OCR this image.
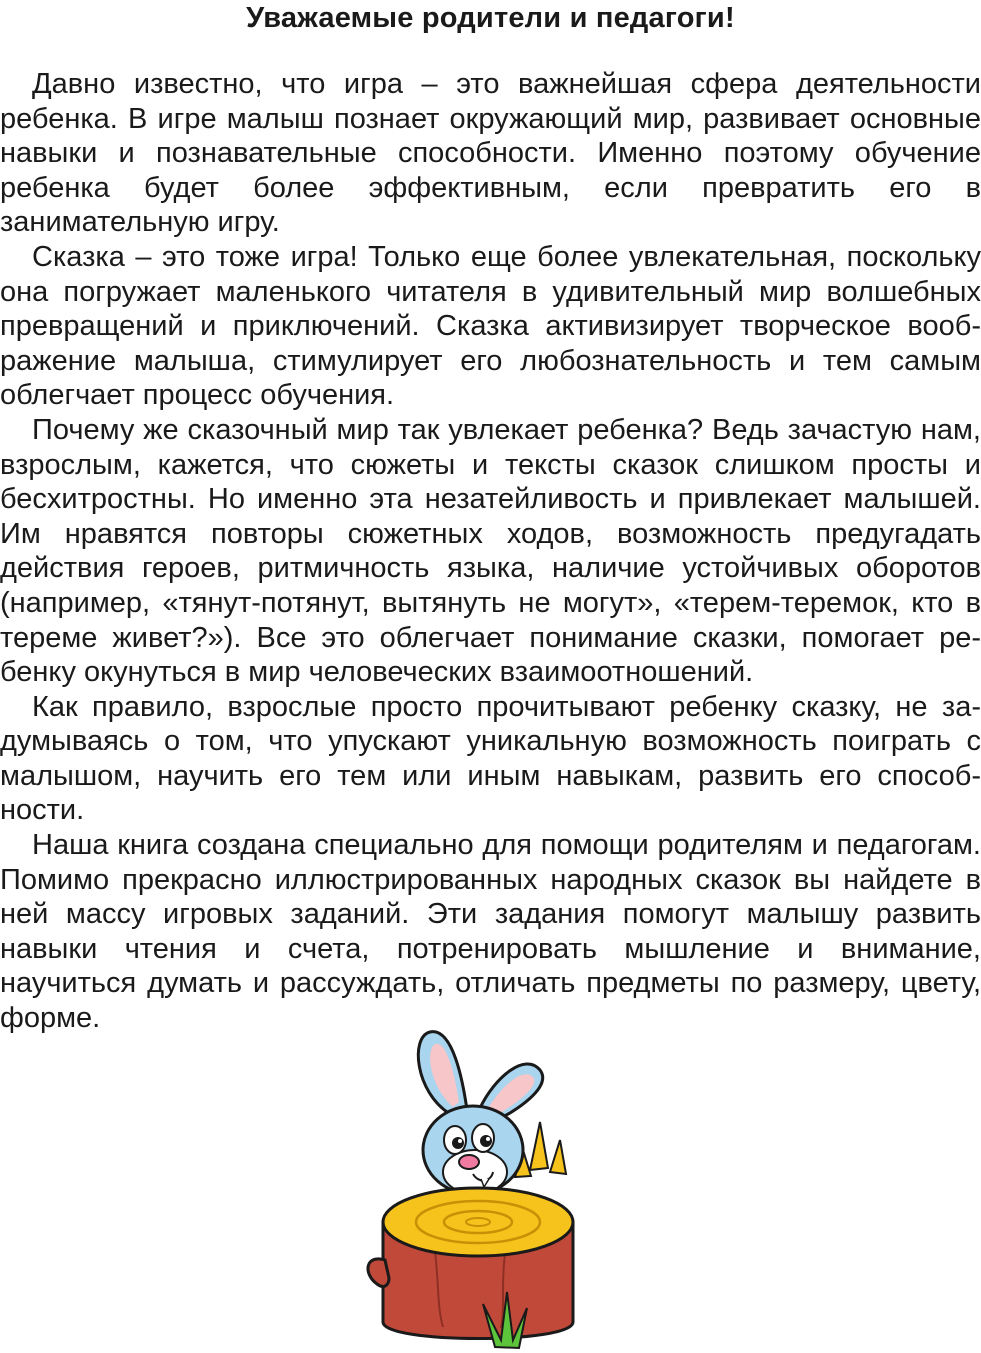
Уважаемые родители и педагоги!

Давно известно, что игра – это важнейшая сфера деятельности ребенка. В игре малыш познает окружающий мир, развивает основные навыки и познавательные способности. Именно поэтому обучение ребенка будет более эффективным, если превратить его в занимательную игру.

Сказка – это тоже игра! Только еще более увлекательная, поскольку она погружает маленького читателя в удивительный мир волшебных превращений и приключений. Сказка активизирует творческое воображение малыша, стимулирует его любознательность и тем самым облегчает процесс обучения.

Почему же сказочный мир так увлекает ребенка? Ведь зачастую нам, взрослым, кажется, что сюжеты и тексты сказок слишком просты и бесхитростны. Но именно эта незатейливость и привлекает малышей. Им нравятся повторы сюжетных ходов, возможность предугадать действия героев, ритмичность языка, наличие устойчивых оборотов (например, «тянут-потянут, вытянуть не могут», «терем-теремок, кто в тереме живет?»). Все это облегчает понимание сказки, помогает ребенку окунуться в мир человеческих взаимоотношений.

Как правило, взрослые просто прочитывают ребенку сказку, не задумываясь о том, что упускают уникальную возможность поиграть с малышом, научить его тем или иным навыкам, развить его способности.

Наша книга создана специально для помощи родителям и педагогам. Помимо прекрасно иллюстрированных народных сказок вы найдете в ней массу игровых заданий. Эти задания помогут малышу развить навыки чтения и счета, потренировать мышление и внимание, научиться думать и рассуждать, отличать предметы по размеру, цвету, форме.
